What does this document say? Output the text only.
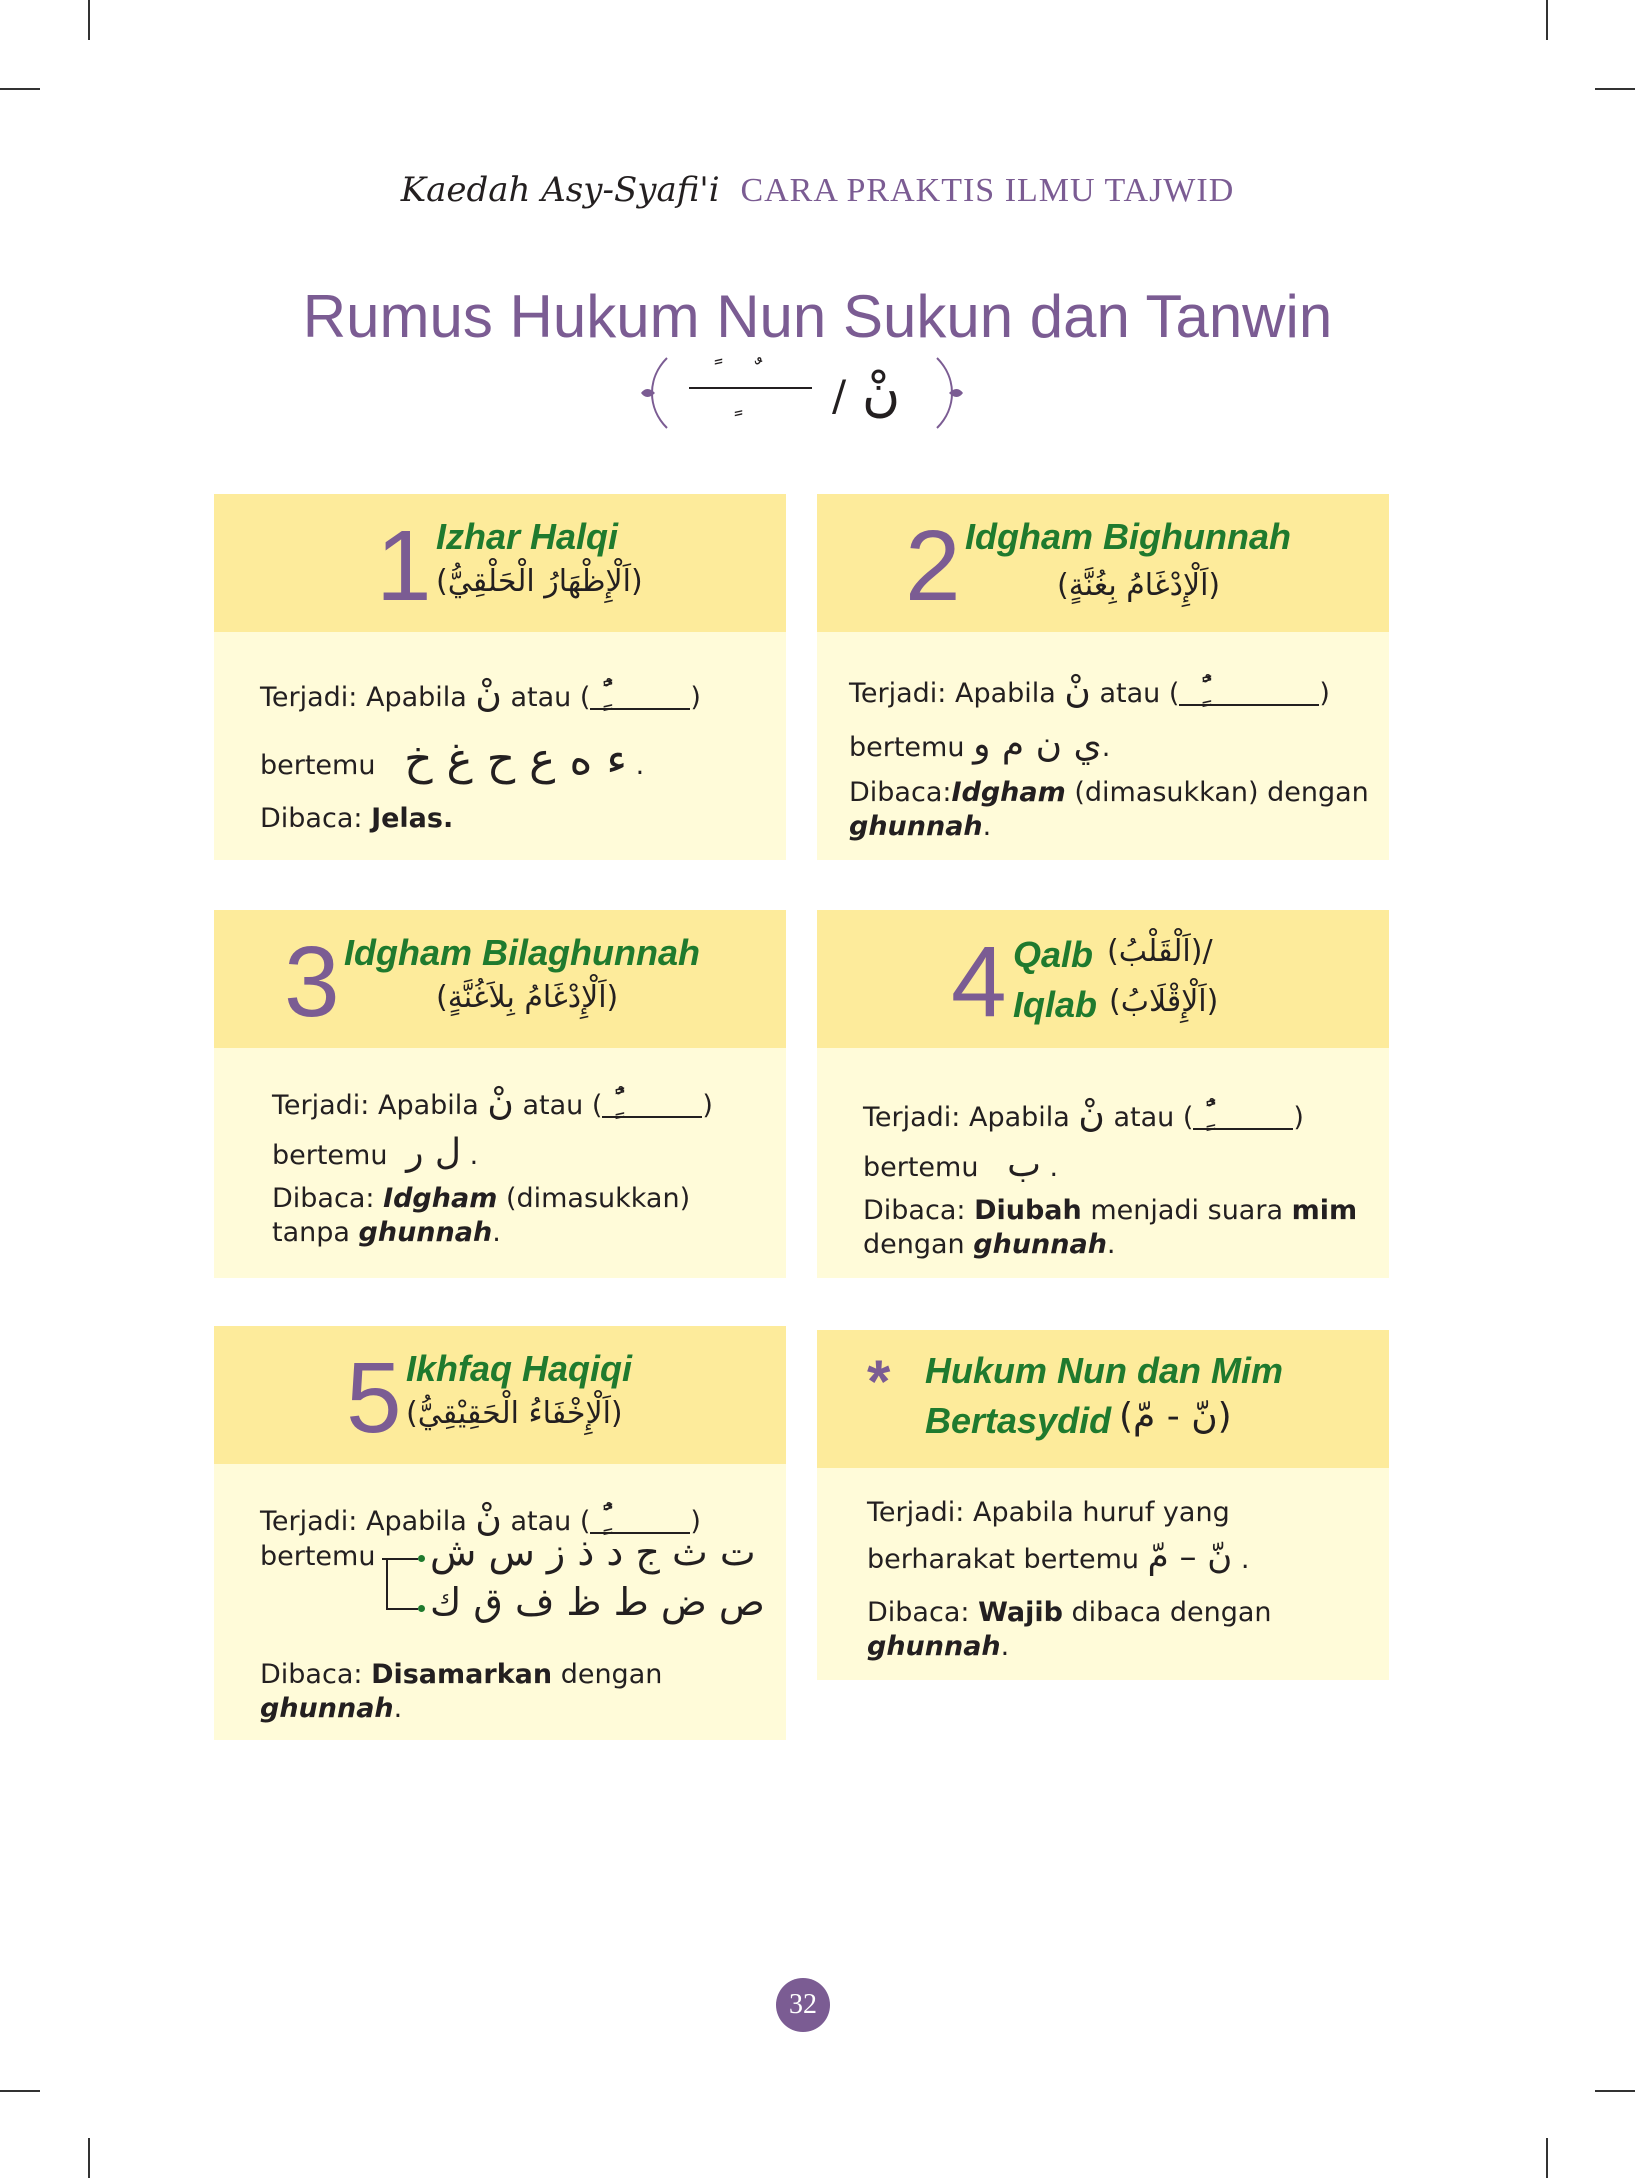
Kaedah Asy-Syafi'i CARA PRAKTIS ILMU TAJWID
Rumus Hukum Nun Sukun dan Tanwin
/ نْ
1 Izhar Halqi
(اَلْإِظْهَارُ الْحَلْقِيُّ)
Terjadi: Apabila نْ atau (	)
bertemu ء ه ع ح غ خ .
Dibaca: Jelas.
2 Idgham Bighunnah
(اَلْإِدْغَامُ بِغُنَّةٍ)
Terjadi: Apabila نْ atau (	)
bertemu ي ن م و.
Dibaca:Idgham (dimasukkan) dengan
ghunnah.
3 Idgham Bilaghunnah
(اَلْإِدْغَامُ بِلاَغُنَّةٍ)
Terjadi: Apabila نْ atau (	)
bertemu ل ر .
Dibaca: Idgham (dimasukkan)
tanpa ghunnah.
4 Qalb (اَلْقَلْبُ)/
Iqlab (اَلْإِقْلَابُ)
Terjadi: Apabila نْ atau (	)
bertemu ب .
Dibaca: Diubah menjadi suara mim
dengan ghunnah.
5 Ikhfaq Haqiqi
(اَلْإِخْفَاءُ الْحَقِيْقِيُّ)
Terjadi: Apabila نْ atau (	)
bertemu ت ث ج د ذ ز س ش
ص ض ط ظ ف ق ك
Dibaca: Disamarkan dengan
ghunnah.
* Hukum Nun dan Mim
Bertasydid (نّ - مّ)
Terjadi: Apabila huruf yang
berharakat bertemu نّ – مّ .
Dibaca: Wajib dibaca dengan
ghunnah.
32
